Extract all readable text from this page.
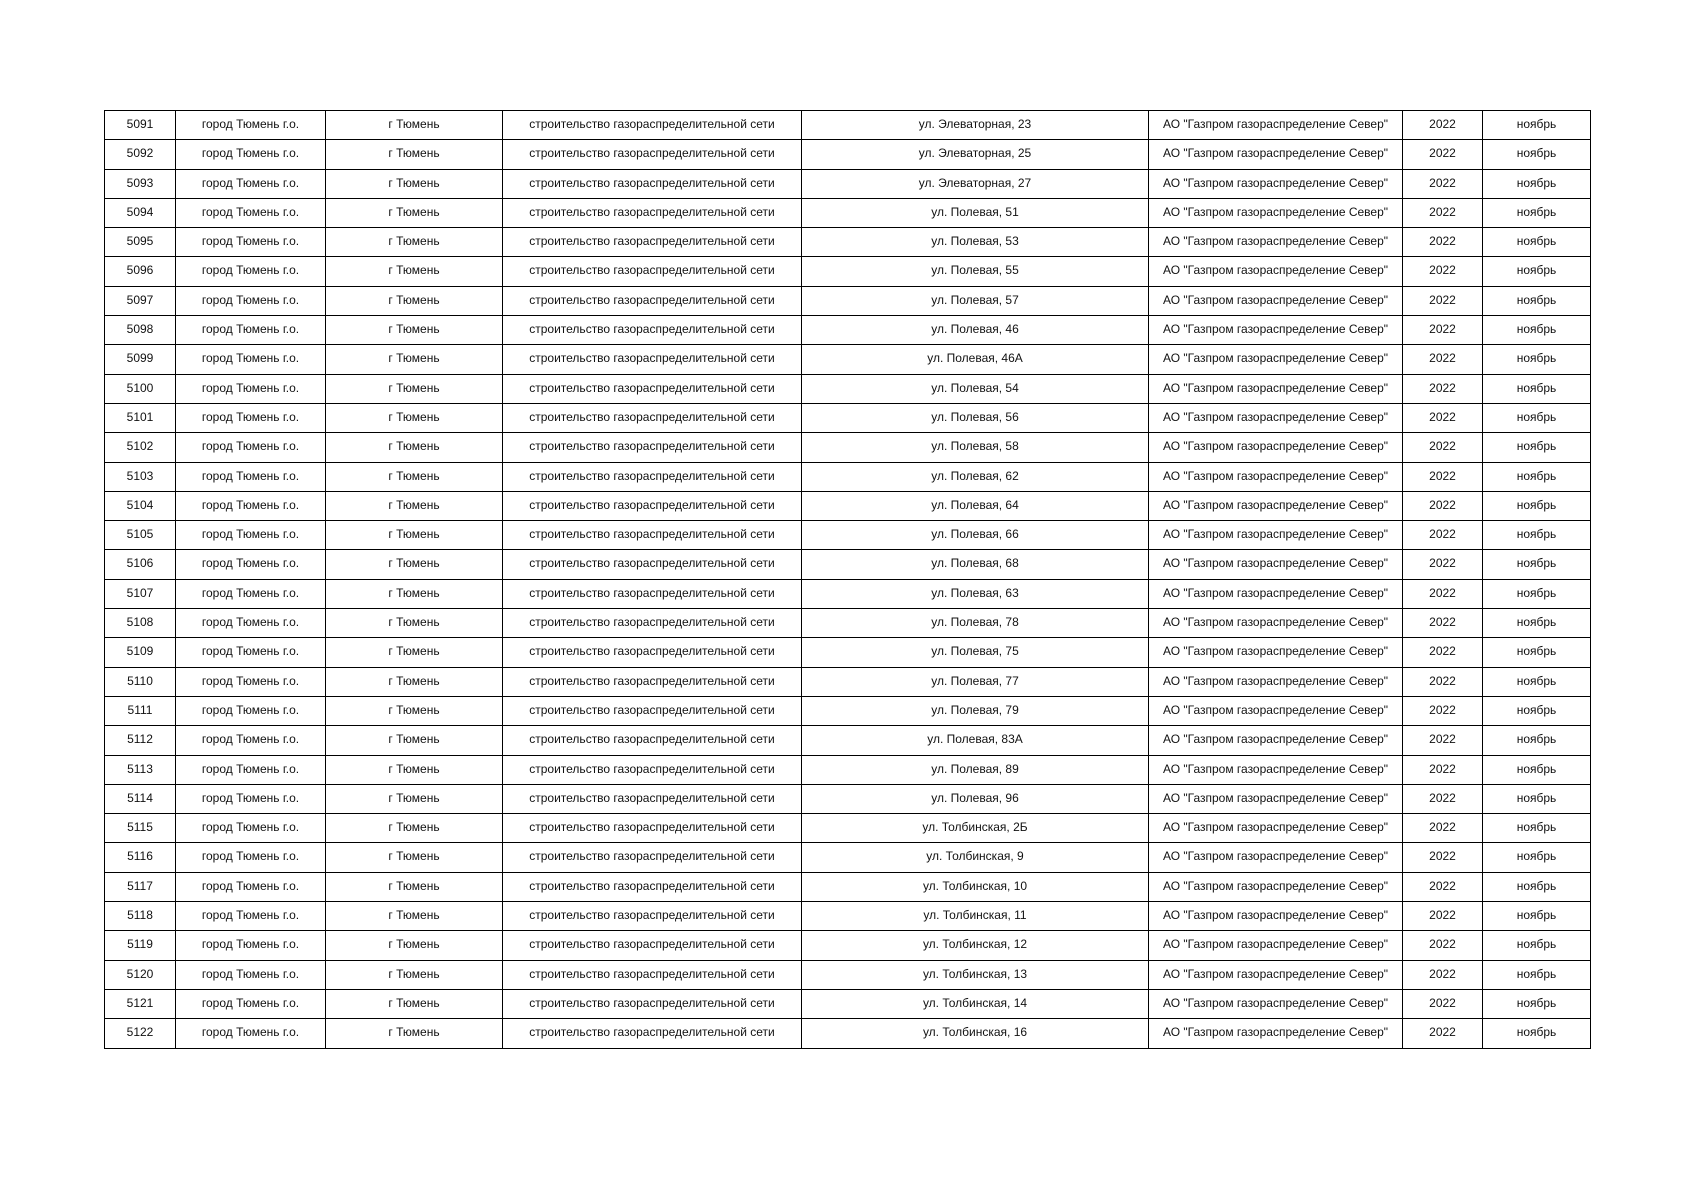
5091	город Тюмень г.о.	г Тюмень	строительство газораспределительной сети	ул. Элеваторная, 23	АО "Газпром газораспределение Север"	2022	ноябрь
5092	город Тюмень г.о.	г Тюмень	строительство газораспределительной сети	ул. Элеваторная, 25	АО "Газпром газораспределение Север"	2022	ноябрь
5093	город Тюмень г.о.	г Тюмень	строительство газораспределительной сети	ул. Элеваторная, 27	АО "Газпром газораспределение Север"	2022	ноябрь
5094	город Тюмень г.о.	г Тюмень	строительство газораспределительной сети	ул. Полевая, 51	АО "Газпром газораспределение Север"	2022	ноябрь
5095	город Тюмень г.о.	г Тюмень	строительство газораспределительной сети	ул. Полевая, 53	АО "Газпром газораспределение Север"	2022	ноябрь
5096	город Тюмень г.о.	г Тюмень	строительство газораспределительной сети	ул. Полевая, 55	АО "Газпром газораспределение Север"	2022	ноябрь
5097	город Тюмень г.о.	г Тюмень	строительство газораспределительной сети	ул. Полевая, 57	АО "Газпром газораспределение Север"	2022	ноябрь
5098	город Тюмень г.о.	г Тюмень	строительство газораспределительной сети	ул. Полевая, 46	АО "Газпром газораспределение Север"	2022	ноябрь
5099	город Тюмень г.о.	г Тюмень	строительство газораспределительной сети	ул. Полевая, 46А	АО "Газпром газораспределение Север"	2022	ноябрь
5100	город Тюмень г.о.	г Тюмень	строительство газораспределительной сети	ул. Полевая, 54	АО "Газпром газораспределение Север"	2022	ноябрь
5101	город Тюмень г.о.	г Тюмень	строительство газораспределительной сети	ул. Полевая, 56	АО "Газпром газораспределение Север"	2022	ноябрь
5102	город Тюмень г.о.	г Тюмень	строительство газораспределительной сети	ул. Полевая, 58	АО "Газпром газораспределение Север"	2022	ноябрь
5103	город Тюмень г.о.	г Тюмень	строительство газораспределительной сети	ул. Полевая, 62	АО "Газпром газораспределение Север"	2022	ноябрь
5104	город Тюмень г.о.	г Тюмень	строительство газораспределительной сети	ул. Полевая, 64	АО "Газпром газораспределение Север"	2022	ноябрь
5105	город Тюмень г.о.	г Тюмень	строительство газораспределительной сети	ул. Полевая, 66	АО "Газпром газораспределение Север"	2022	ноябрь
5106	город Тюмень г.о.	г Тюмень	строительство газораспределительной сети	ул. Полевая, 68	АО "Газпром газораспределение Север"	2022	ноябрь
5107	город Тюмень г.о.	г Тюмень	строительство газораспределительной сети	ул. Полевая, 63	АО "Газпром газораспределение Север"	2022	ноябрь
5108	город Тюмень г.о.	г Тюмень	строительство газораспределительной сети	ул. Полевая, 78	АО "Газпром газораспределение Север"	2022	ноябрь
5109	город Тюмень г.о.	г Тюмень	строительство газораспределительной сети	ул. Полевая, 75	АО "Газпром газораспределение Север"	2022	ноябрь
5110	город Тюмень г.о.	г Тюмень	строительство газораспределительной сети	ул. Полевая, 77	АО "Газпром газораспределение Север"	2022	ноябрь
5111	город Тюмень г.о.	г Тюмень	строительство газораспределительной сети	ул. Полевая, 79	АО "Газпром газораспределение Север"	2022	ноябрь
5112	город Тюмень г.о.	г Тюмень	строительство газораспределительной сети	ул. Полевая, 83А	АО "Газпром газораспределение Север"	2022	ноябрь
5113	город Тюмень г.о.	г Тюмень	строительство газораспределительной сети	ул. Полевая, 89	АО "Газпром газораспределение Север"	2022	ноябрь
5114	город Тюмень г.о.	г Тюмень	строительство газораспределительной сети	ул. Полевая, 96	АО "Газпром газораспределение Север"	2022	ноябрь
5115	город Тюмень г.о.	г Тюмень	строительство газораспределительной сети	ул. Толбинская, 2Б	АО "Газпром газораспределение Север"	2022	ноябрь
5116	город Тюмень г.о.	г Тюмень	строительство газораспределительной сети	ул. Толбинская, 9	АО "Газпром газораспределение Север"	2022	ноябрь
5117	город Тюмень г.о.	г Тюмень	строительство газораспределительной сети	ул. Толбинская, 10	АО "Газпром газораспределение Север"	2022	ноябрь
5118	город Тюмень г.о.	г Тюмень	строительство газораспределительной сети	ул. Толбинская, 11	АО "Газпром газораспределение Север"	2022	ноябрь
5119	город Тюмень г.о.	г Тюмень	строительство газораспределительной сети	ул. Толбинская, 12	АО "Газпром газораспределение Север"	2022	ноябрь
5120	город Тюмень г.о.	г Тюмень	строительство газораспределительной сети	ул. Толбинская, 13	АО "Газпром газораспределение Север"	2022	ноябрь
5121	город Тюмень г.о.	г Тюмень	строительство газораспределительной сети	ул. Толбинская, 14	АО "Газпром газораспределение Север"	2022	ноябрь
5122	город Тюмень г.о.	г Тюмень	строительство газораспределительной сети	ул. Толбинская, 16	АО "Газпром газораспределение Север"	2022	ноябрь
